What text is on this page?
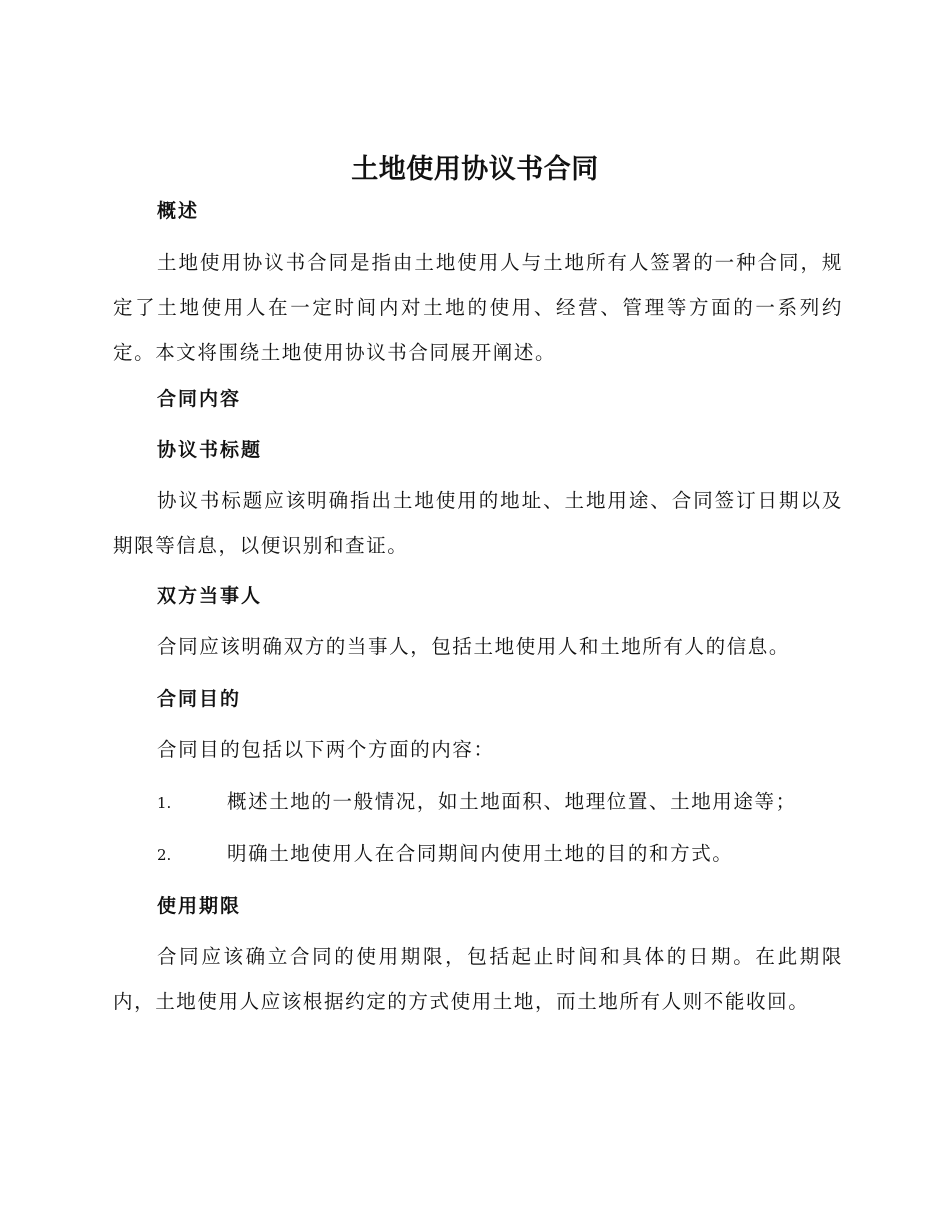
土地使用协议书合同
概述

土地使用协议书合同是指由土地使用人与土地所有人签署的一种合同，规定了土地使用人在一定时间内对土地的使用、经营、管理等方面的一系列约定。本文将围绕土地使用协议书合同展开阐述。

合同内容
协议书标题

协议书标题应该明确指出土地使用的地址、土地用途、合同签订日期以及期限等信息，以便识别和查证。

双方当事人

合同应该明确双方的当事人，包括土地使用人和土地所有人的信息。

合同目的

合同目的包括以下两个方面的内容：

1.	概述土地的一般情况，如土地面积、地理位置、土地用途等；
2.	明确土地使用人在合同期间内使用土地的目的和方式。
使用期限

合同应该确立合同的使用期限，包括起止时间和具体的日期。在此期限内，土地使用人应该根据约定的方式使用土地，而土地所有人则不能收回。
